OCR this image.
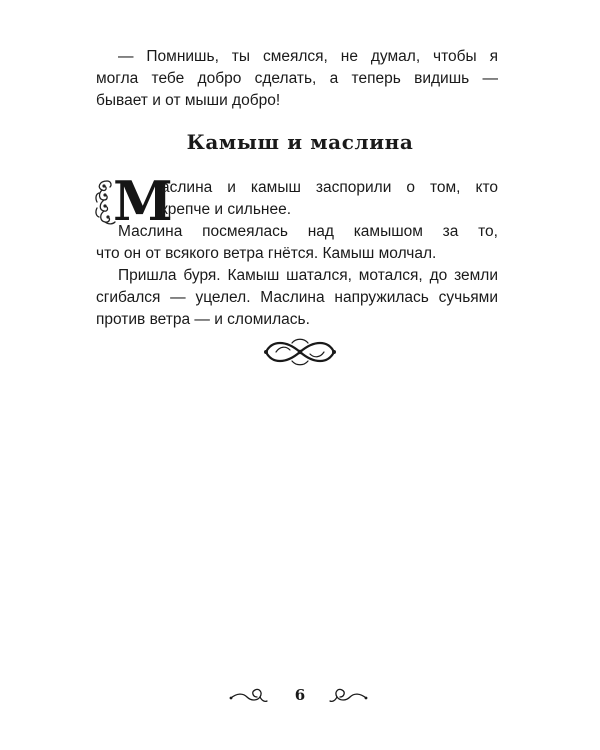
— Помнишь, ты смеялся, не думал, чтобы я
могла тебе добро сделать, а теперь видишь —
бывает и от мыши добро!
Камыш и маслина
М
аслина и камыш заспорили о том, кто
крепче и сильнее.
Маслина посмеялась над камышом за то,
что он от всякого ветра гнётся. Камыш молчал.
Пришла буря. Камыш шатался, мотался, до земли
сгибался — уцелел. Маслина напружилась сучьями
против ветра — и сломилась.
6
